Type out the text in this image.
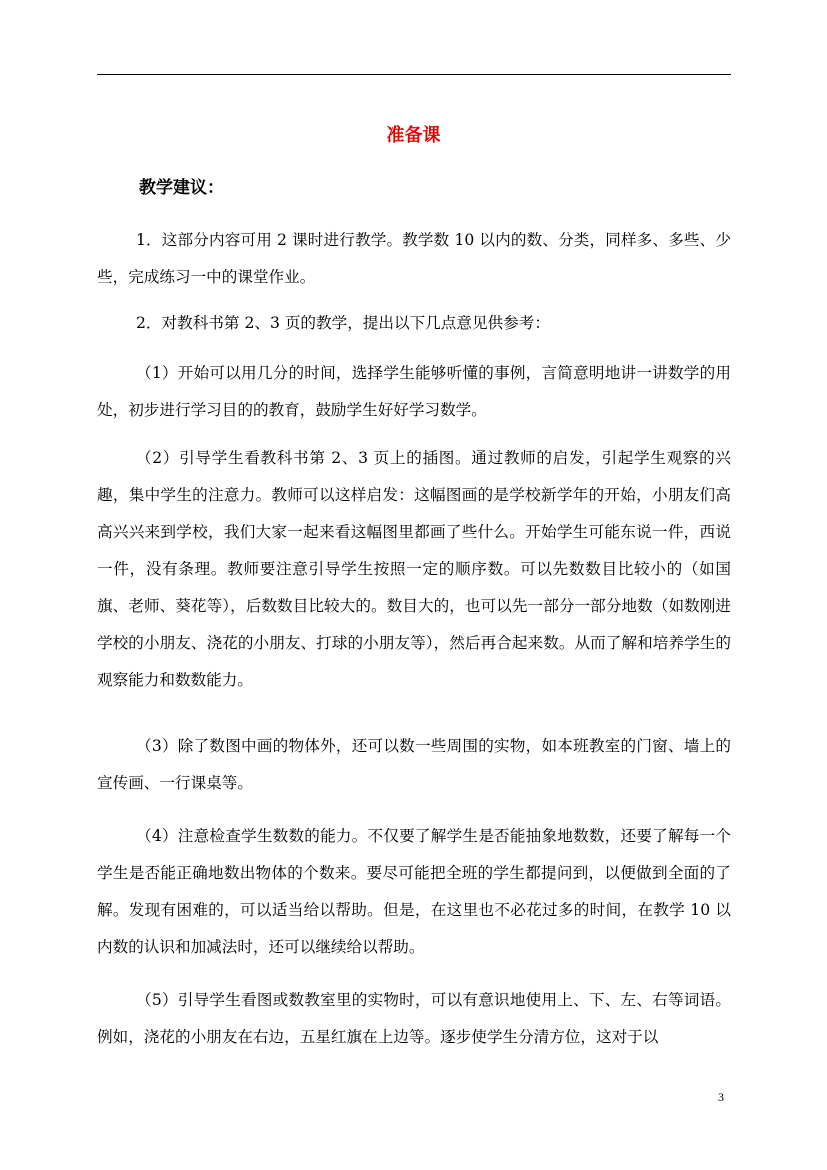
准备课
教学建议：
1．这部分内容可用 2 课时进行教学。教学数 10 以内的数、分类，同样多、多些、少些，完成练习一中的课堂作业。
2．对教科书第 2、3 页的教学，提出以下几点意见供参考：
（1）开始可以用几分的时间，选择学生能够听懂的事例，言简意明地讲一讲数学的用处，初步进行学习目的的教育，鼓励学生好好学习数学。
（2）引导学生看教科书第 2、3 页上的插图。通过教师的启发，引起学生观察的兴趣，集中学生的注意力。教师可以这样启发：这幅图画的是学校新学年的开始，小朋友们高高兴兴来到学校，我们大家一起来看这幅图里都画了些什么。开始学生可能东说一件，西说一件，没有条理。教师要注意引导学生按照一定的顺序数。可以先数数目比较小的（如国旗、老师、葵花等），后数数目比较大的。数目大的，也可以先一部分一部分地数（如数刚进学校的小朋友、浇花的小朋友、打球的小朋友等），然后再合起来数。从而了解和培养学生的观察能力和数数能力。
（3）除了数图中画的物体外，还可以数一些周围的实物，如本班教室的门窗、墙上的宣传画、一行课桌等。
（4）注意检查学生数数的能力。不仅要了解学生是否能抽象地数数，还要了解每一个学生是否能正确地数出物体的个数来。要尽可能把全班的学生都提问到，以便做到全面的了解。发现有困难的，可以适当给以帮助。但是，在这里也不必花过多的时间，在教学 10 以内数的认识和加减法时，还可以继续给以帮助。
（5）引导学生看图或数教室里的实物时，可以有意识地使用上、下、左、右等词语。例如，浇花的小朋友在右边，五星红旗在上边等。逐步使学生分清方位，这对于以
3
